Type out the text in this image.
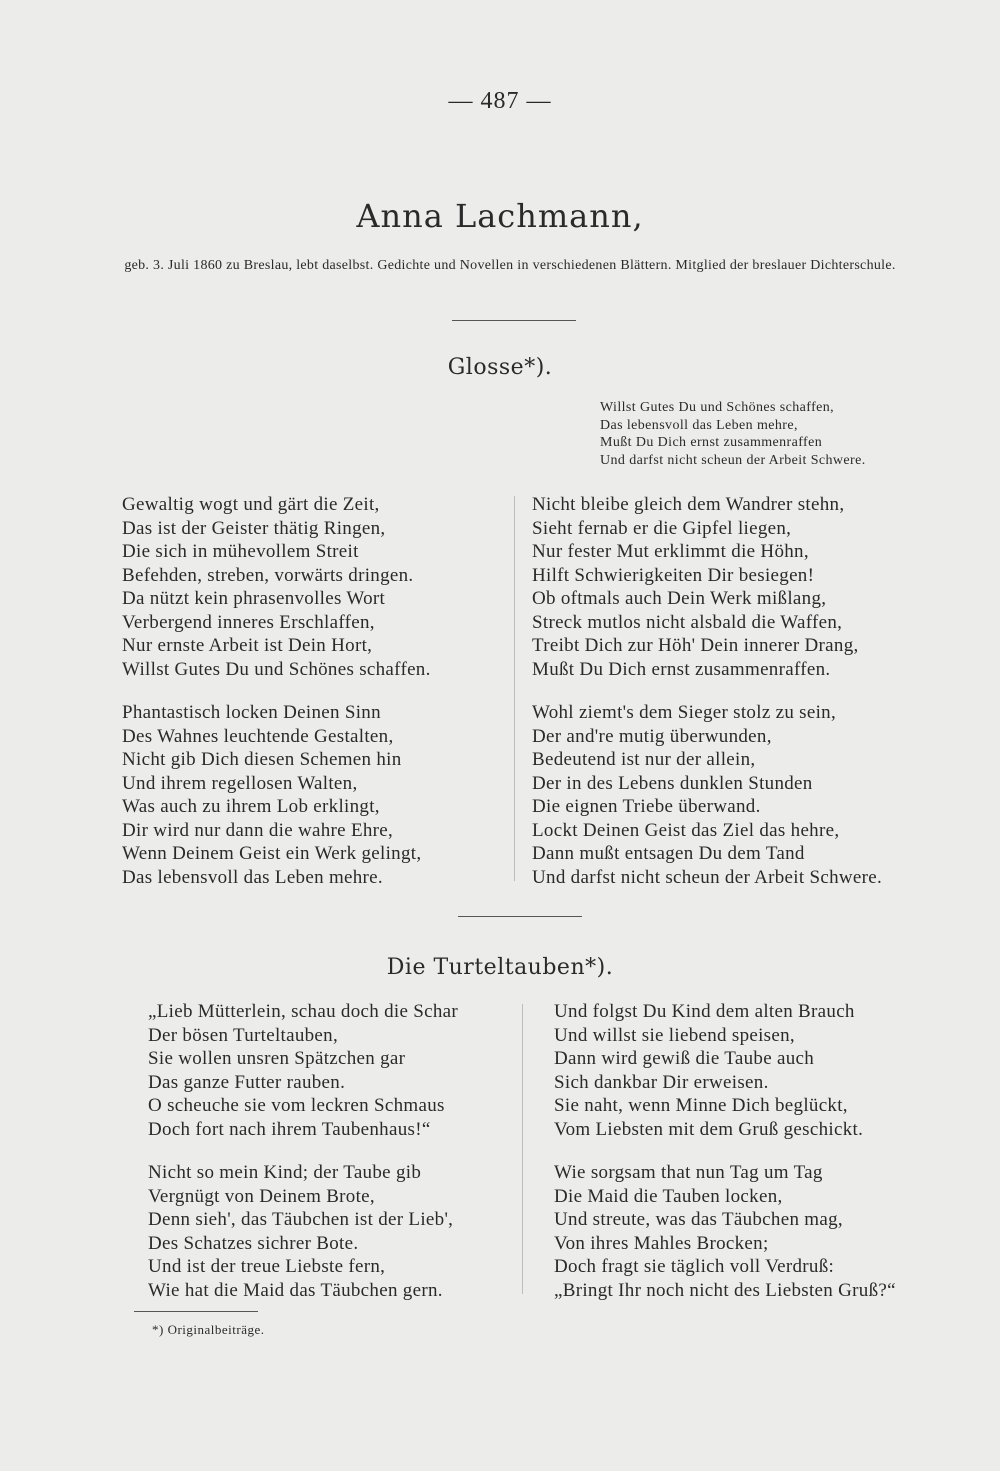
— 487 —
Anna Lachmann,
geb. 3. Juli 1860 zu Breslau, lebt daselbst. Gedichte und Novellen in verschiedenen Blättern. Mitglied der breslauer Dichterschule.
Glosse*).
Willst Gutes Du und Schönes schaffen,
Das lebensvoll das Leben mehre,
Mußt Du Dich ernst zusammenraffen
Und darfst nicht scheun der Arbeit Schwere.
Gewaltig wogt und gärt die Zeit,
Das ist der Geister thätig Ringen,
Die sich in mühevollem Streit
Befehden, streben, vorwärts dringen.
Da nützt kein phrasenvolles Wort
Verbergend inneres Erschlaffen,
Nur ernste Arbeit ist Dein Hort,
Willst Gutes Du und Schönes schaffen.
Phantastisch locken Deinen Sinn
Des Wahnes leuchtende Gestalten,
Nicht gib Dich diesen Schemen hin
Und ihrem regellosen Walten,
Was auch zu ihrem Lob erklingt,
Dir wird nur dann die wahre Ehre,
Wenn Deinem Geist ein Werk gelingt,
Das lebensvoll das Leben mehre.
Nicht bleibe gleich dem Wandrer stehn,
Sieht fernab er die Gipfel liegen,
Nur fester Mut erklimmt die Höhn,
Hilft Schwierigkeiten Dir besiegen!
Ob oftmals auch Dein Werk mißlang,
Streck mutlos nicht alsbald die Waffen,
Treibt Dich zur Höh' Dein innerer Drang,
Mußt Du Dich ernst zusammenraffen.
Wohl ziemt's dem Sieger stolz zu sein,
Der and're mutig überwunden,
Bedeutend ist nur der allein,
Der in des Lebens dunklen Stunden
Die eignen Triebe überwand.
Lockt Deinen Geist das Ziel das hehre,
Dann mußt entsagen Du dem Tand
Und darfst nicht scheun der Arbeit Schwere.
Die Turteltauben*).
„Lieb Mütterlein, schau doch die Schar
Der bösen Turteltauben,
Sie wollen unsren Spätzchen gar
Das ganze Futter rauben.
O scheuche sie vom leckren Schmaus
Doch fort nach ihrem Taubenhaus!“
Nicht so mein Kind; der Taube gib
Vergnügt von Deinem Brote,
Denn sieh', das Täubchen ist der Lieb',
Des Schatzes sichrer Bote.
Und ist der treue Liebste fern,
Wie hat die Maid das Täubchen gern.
Und folgst Du Kind dem alten Brauch
Und willst sie liebend speisen,
Dann wird gewiß die Taube auch
Sich dankbar Dir erweisen.
Sie naht, wenn Minne Dich beglückt,
Vom Liebsten mit dem Gruß geschickt.
Wie sorgsam that nun Tag um Tag
Die Maid die Tauben locken,
Und streute, was das Täubchen mag,
Von ihres Mahles Brocken;
Doch fragt sie täglich voll Verdruß:
„Bringt Ihr noch nicht des Liebsten Gruß?“
*) Originalbeiträge.
